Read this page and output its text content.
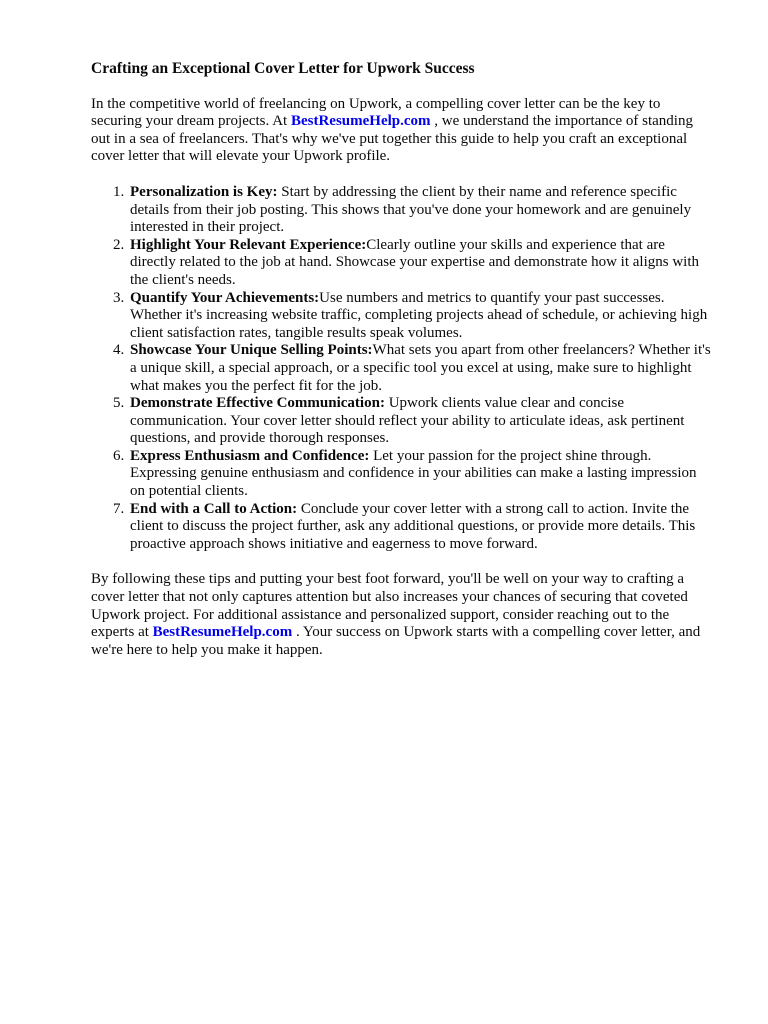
Crafting an Exceptional Cover Letter for Upwork Success

In the competitive world of freelancing on Upwork, a compelling cover letter can be the key to securing your dream projects. At BestResumeHelp.com , we understand the importance of standing out in a sea of freelancers. That's why we've put together this guide to help you craft an exceptional cover letter that will elevate your Upwork profile.

1. Personalization is Key: Start by addressing the client by their name and reference specific details from their job posting. This shows that you've done your homework and are genuinely interested in their project.
2. Highlight Your Relevant Experience:Clearly outline your skills and experience that are directly related to the job at hand. Showcase your expertise and demonstrate how it aligns with the client's needs.
3. Quantify Your Achievements:Use numbers and metrics to quantify your past successes. Whether it's increasing website traffic, completing projects ahead of schedule, or achieving high client satisfaction rates, tangible results speak volumes.
4. Showcase Your Unique Selling Points:What sets you apart from other freelancers? Whether it's a unique skill, a special approach, or a specific tool you excel at using, make sure to highlight what makes you the perfect fit for the job.
5. Demonstrate Effective Communication: Upwork clients value clear and concise communication. Your cover letter should reflect your ability to articulate ideas, ask pertinent questions, and provide thorough responses.
6. Express Enthusiasm and Confidence: Let your passion for the project shine through. Expressing genuine enthusiasm and confidence in your abilities can make a lasting impression on potential clients.
7. End with a Call to Action: Conclude your cover letter with a strong call to action. Invite the client to discuss the project further, ask any additional questions, or provide more details. This proactive approach shows initiative and eagerness to move forward.

By following these tips and putting your best foot forward, you'll be well on your way to crafting a cover letter that not only captures attention but also increases your chances of securing that coveted Upwork project. For additional assistance and personalized support, consider reaching out to the experts at BestResumeHelp.com . Your success on Upwork starts with a compelling cover letter, and we're here to help you make it happen.
